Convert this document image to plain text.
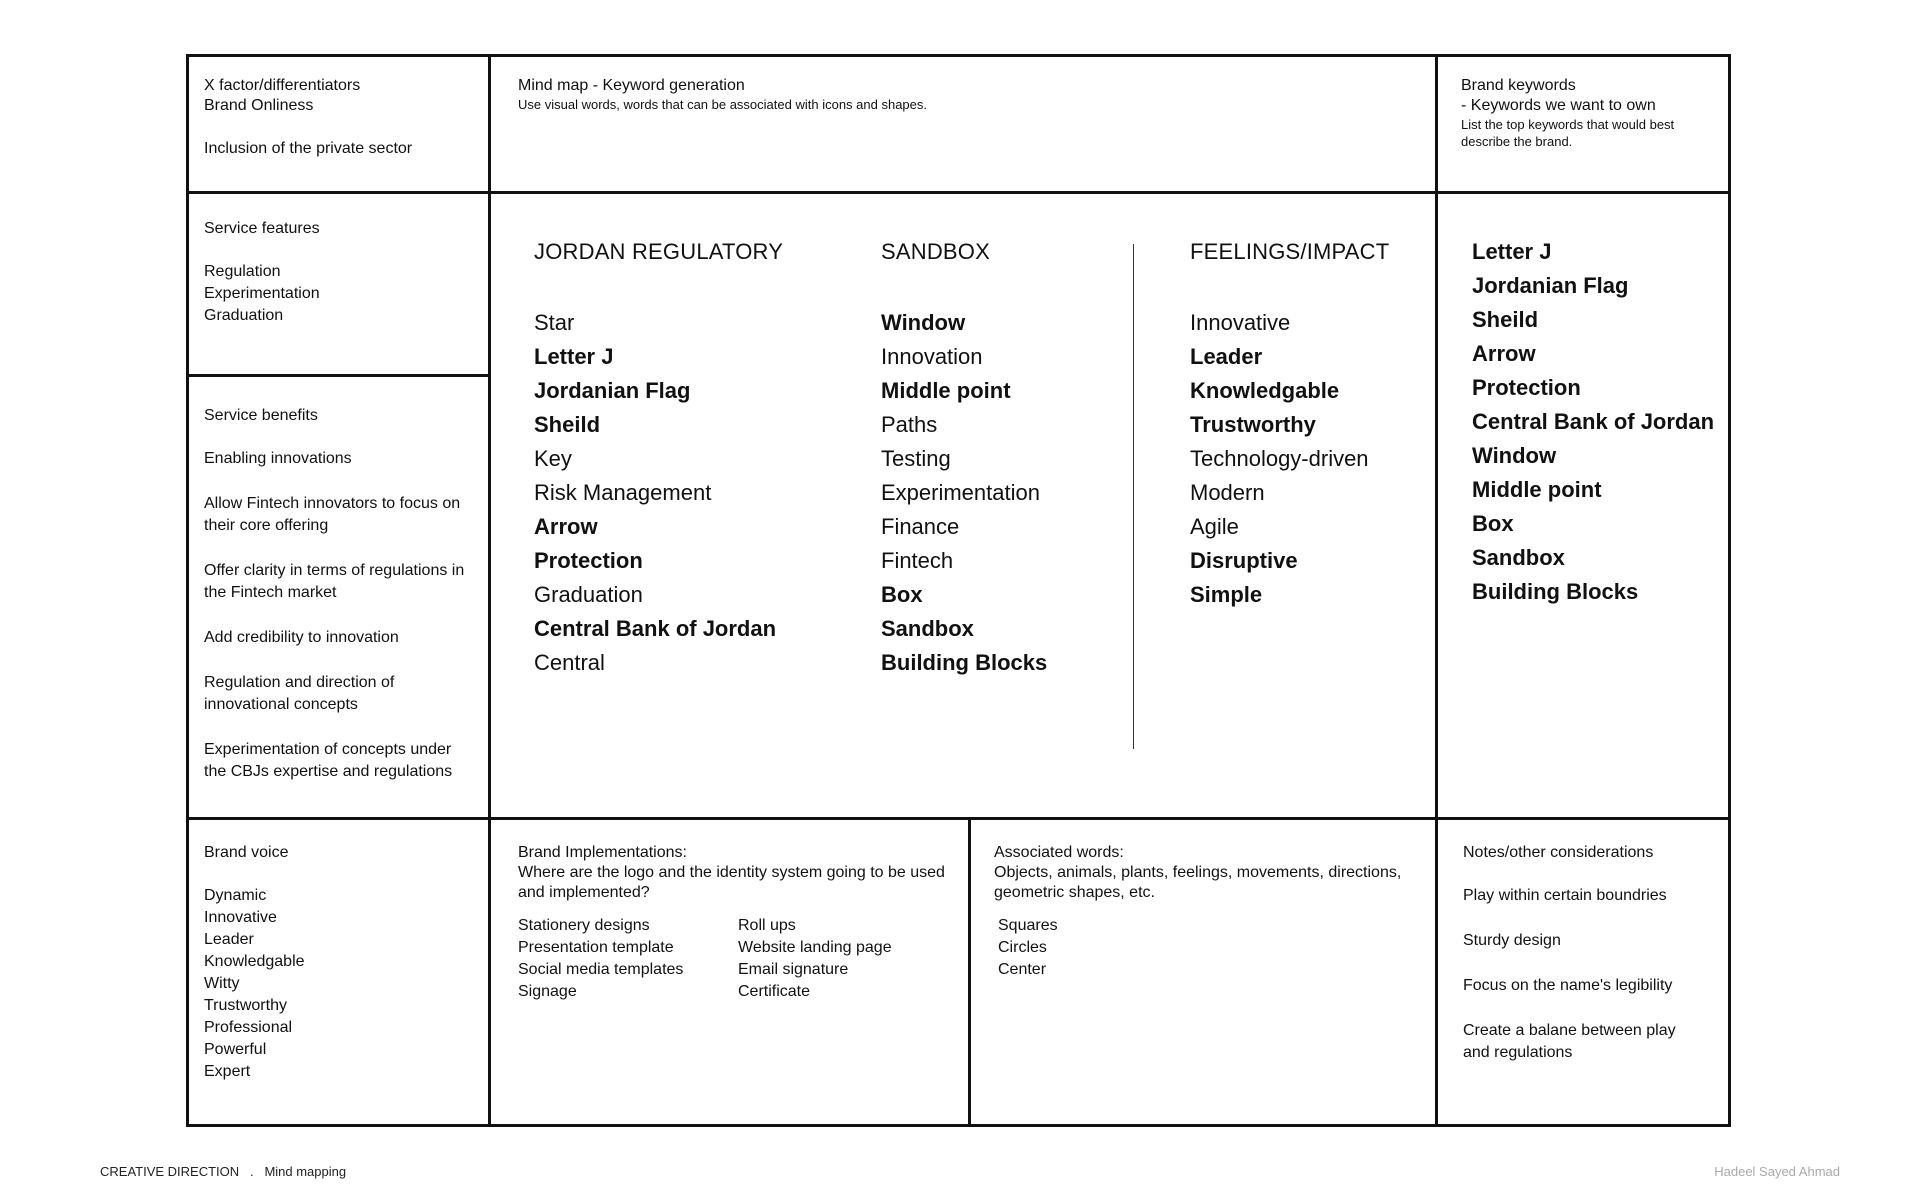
X factor/differentiators
Brand Onliness
Inclusion of the private sector
Mind map - Keyword generation
Use visual words, words that can be associated with icons and shapes.
Brand keywords
- Keywords we want to own
List the top keywords that would best describe the brand.
Service features
Regulation
Experimentation
Graduation
Service benefits
Enabling innovations
Allow Fintech innovators to focus on their core offering
Offer clarity in terms of regulations in the Fintech market
Add credibility to innovation
Regulation and direction of innovational concepts
Experimentation of concepts under the CBJs expertise and regulations
JORDAN REGULATORY
Star
Letter J
Jordanian Flag
Sheild
Key
Risk Management
Arrow
Protection
Graduation
Central Bank of Jordan
Central
SANDBOX
Window
Innovation
Middle point
Paths
Testing
Experimentation
Finance
Fintech
Box
Sandbox
Building Blocks
FEELINGS/IMPACT
Innovative
Leader
Knowledgable
Trustworthy
Technology-driven
Modern
Agile
Disruptive
Simple
Letter J
Jordanian Flag
Sheild
Arrow
Protection
Central Bank of Jordan
Window
Middle point
Box
Sandbox
Building Blocks
Brand voice
Dynamic
Innovative
Leader
Knowledgable
Witty
Trustworthy
Professional
Powerful
Expert
Brand Implementations:
Where are the logo and the identity system going to be used and implemented?
Stationery designs
Presentation template
Social media templates
Signage
Roll ups
Website landing page
Email signature
Certificate
Associated words:
Objects, animals, plants, feelings, movements, directions, geometric shapes, etc.
Squares
Circles
Center
Notes/other considerations
Play within certain boundries
Sturdy design
Focus on the name's legibility
Create a balane between play and regulations
CREATIVE DIRECTION   .   Mind mapping	Hadeel Sayed Ahmad
